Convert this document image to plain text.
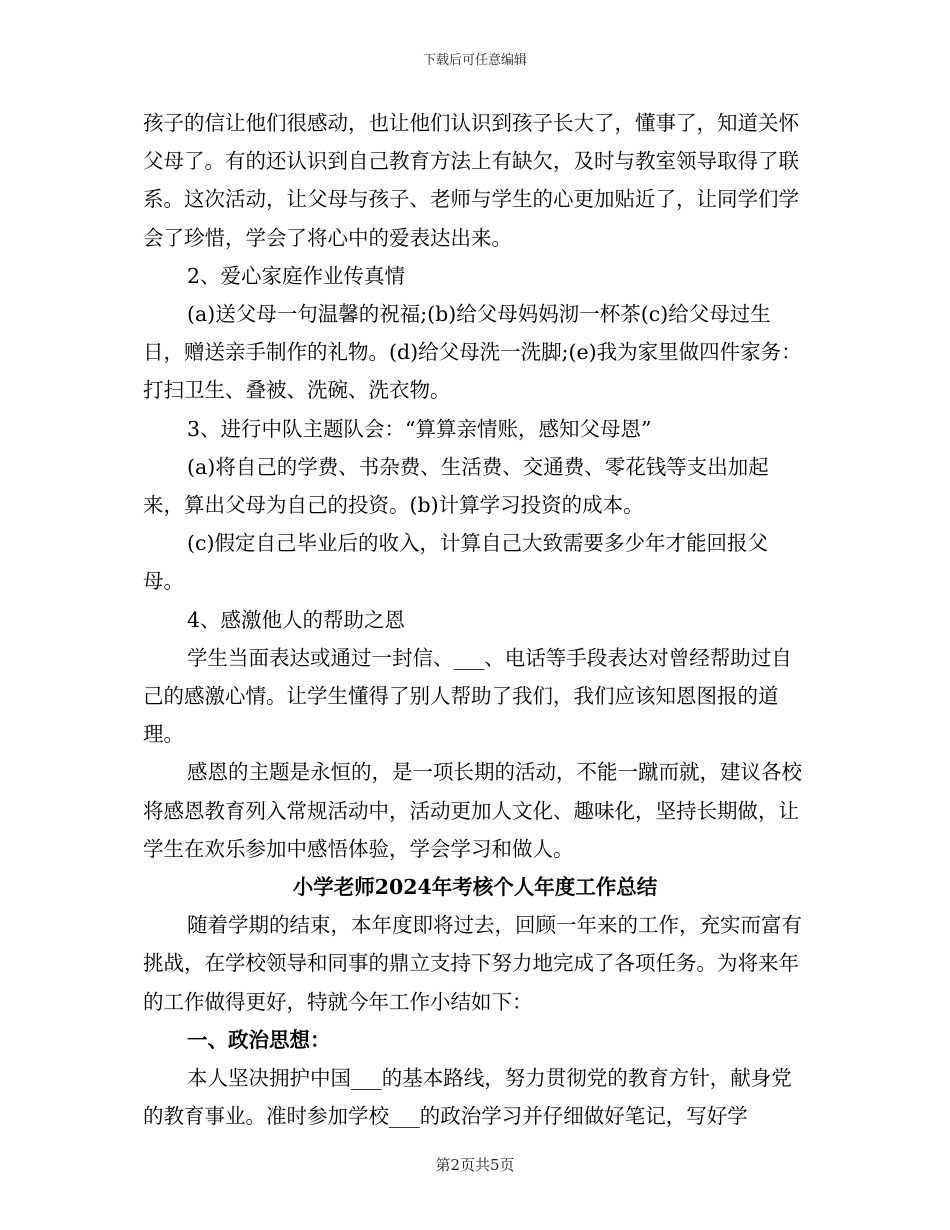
下载后可任意编辑

孩子的信让他们很感动，也让他们认识到孩子长大了，懂事了，知道关怀父母了。有的还认识到自己教育方法上有缺欠，及时与教室领导取得了联系。这次活动，让父母与孩子、老师与学生的心更加贴近了，让同学们学会了珍惜，学会了将心中的爱表达出来。

2、爱心家庭作业传真情

(a)送父母一句温馨的祝福;(b)给父母妈妈沏一杯茶(c)给父母过生日，赠送亲手制作的礼物。(d)给父母洗一洗脚;(e)我为家里做四件家务：打扫卫生、叠被、洗碗、洗衣物。

3、进行中队主题队会：“算算亲情账，感知父母恩”

(a)将自己的学费、书杂费、生活费、交通费、零花钱等支出加起来，算出父母为自己的投资。(b)计算学习投资的成本。

(c)假定自己毕业后的收入，计算自己大致需要多少年才能回报父母。

4、感激他人的帮助之恩

学生当面表达或通过一封信、___、电话等手段表达对曾经帮助过自己的感激心情。让学生懂得了别人帮助了我们，我们应该知恩图报的道理。

感恩的主题是永恒的，是一项长期的活动，不能一蹴而就，建议各校将感恩教育列入常规活动中，活动更加人文化、趣味化，坚持长期做，让学生在欢乐参加中感悟体验，学会学习和做人。

小学老师2024年考核个人年度工作总结

随着学期的结束，本年度即将过去，回顾一年来的工作，充实而富有挑战，在学校领导和同事的鼎立支持下努力地完成了各项任务。为将来年的工作做得更好，特就今年工作小结如下：

一、政治思想：

本人坚决拥护中国___的基本路线，努力贯彻党的教育方针，献身党的教育事业。准时参加学校___的政治学习并仔细做好笔记，写好学

第2页共5页
